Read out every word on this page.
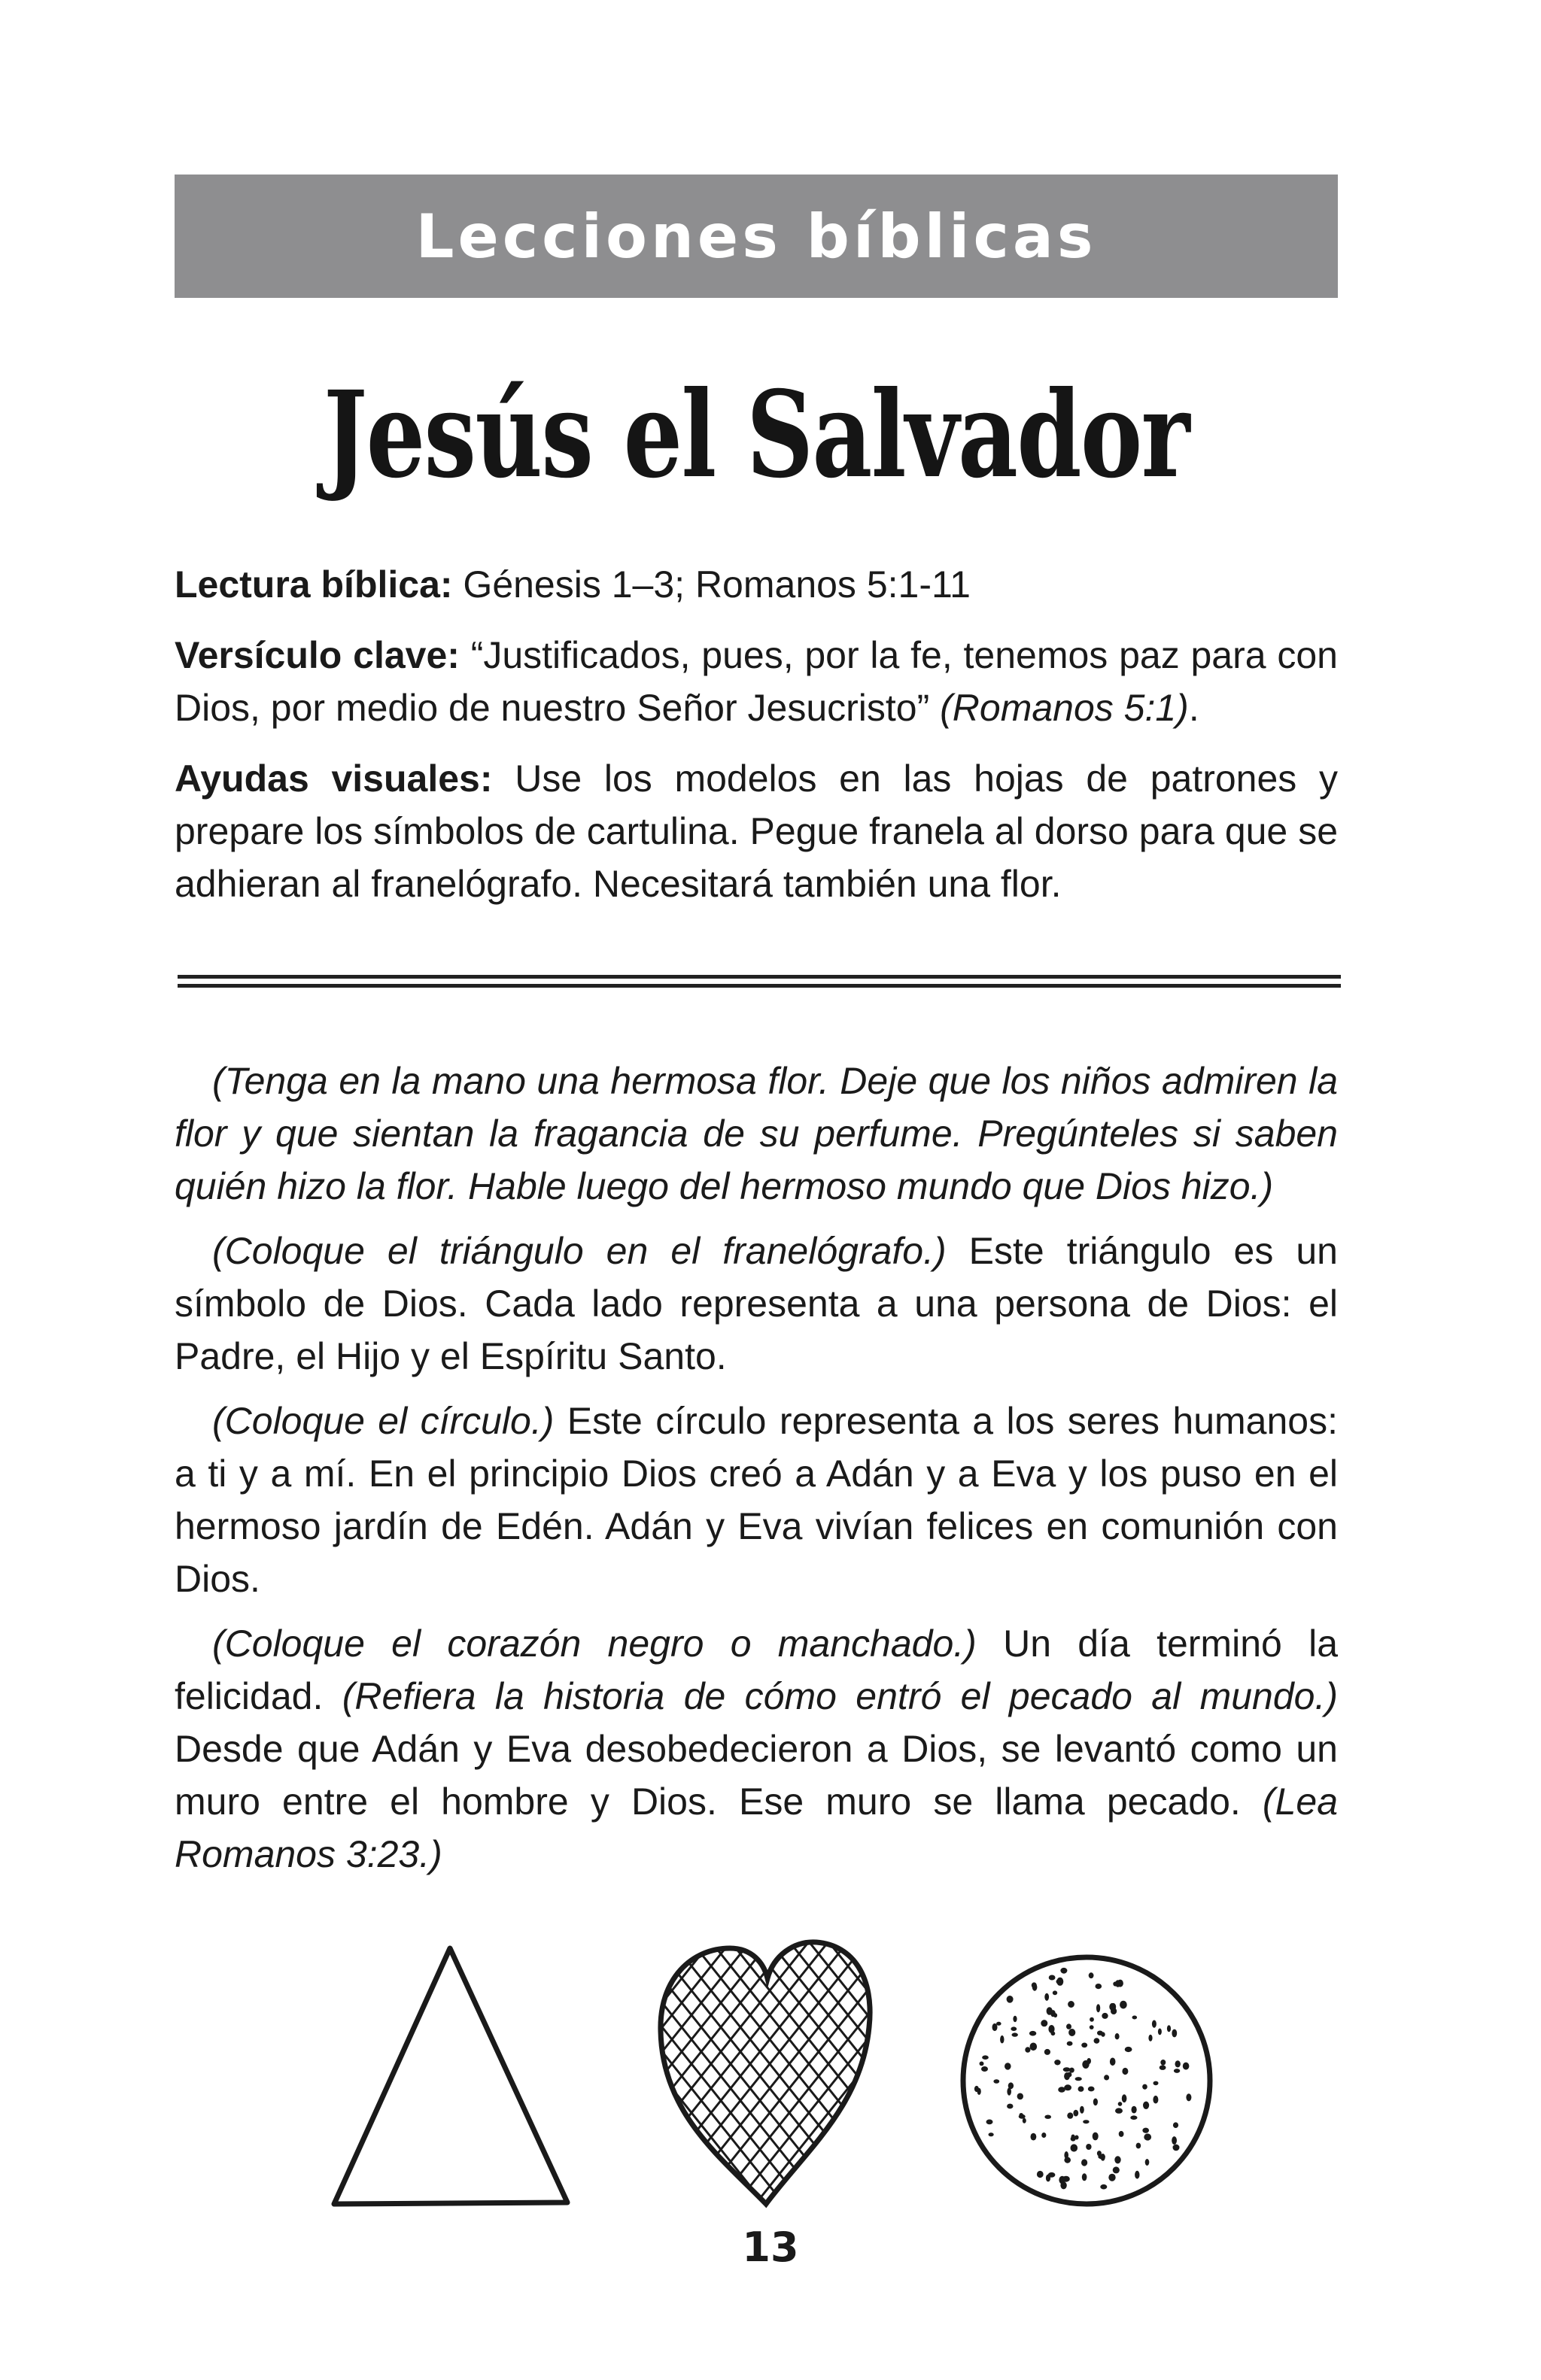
Lecciones bíblicas
Jesús el Salvador

Lectura bíblica: Génesis 1–3; Romanos 5:1-11

Versículo clave: “Justificados, pues, por la fe, tenemos paz para con Dios, por medio de nuestro Señor Jesucristo” (Romanos 5:1).

Ayudas visuales: Use los modelos en las hojas de patrones y prepare los símbolos de cartulina. Pegue franela al dorso para que se adhieran al franelógrafo. Necesitará también una flor.

(Tenga en la mano una hermosa flor. Deje que los niños admiren la flor y que sientan la fragancia de su perfume. Pregúnteles si saben quién hizo la flor. Hable luego del hermoso mundo que Dios hizo.)

(Coloque el triángulo en el franelógrafo.) Este triángulo es un símbolo de Dios. Cada lado representa a una persona de Dios: el Padre, el Hijo y el Espíritu Santo.

(Coloque el círculo.) Este círculo representa a los seres humanos: a ti y a mí. En el principio Dios creó a Adán y a Eva y los puso en el hermoso jardín de Edén. Adán y Eva vivían felices en comunión con Dios.

(Coloque el corazón negro o manchado.) Un día terminó la felicidad. (Refiera la historia de cómo entró el pecado al mundo.) Desde que Adán y Eva desobedecieron a Dios, se levantó como un muro entre el hombre y Dios. Ese muro se llama pecado. (Lea Romanos 3:23.)

13
